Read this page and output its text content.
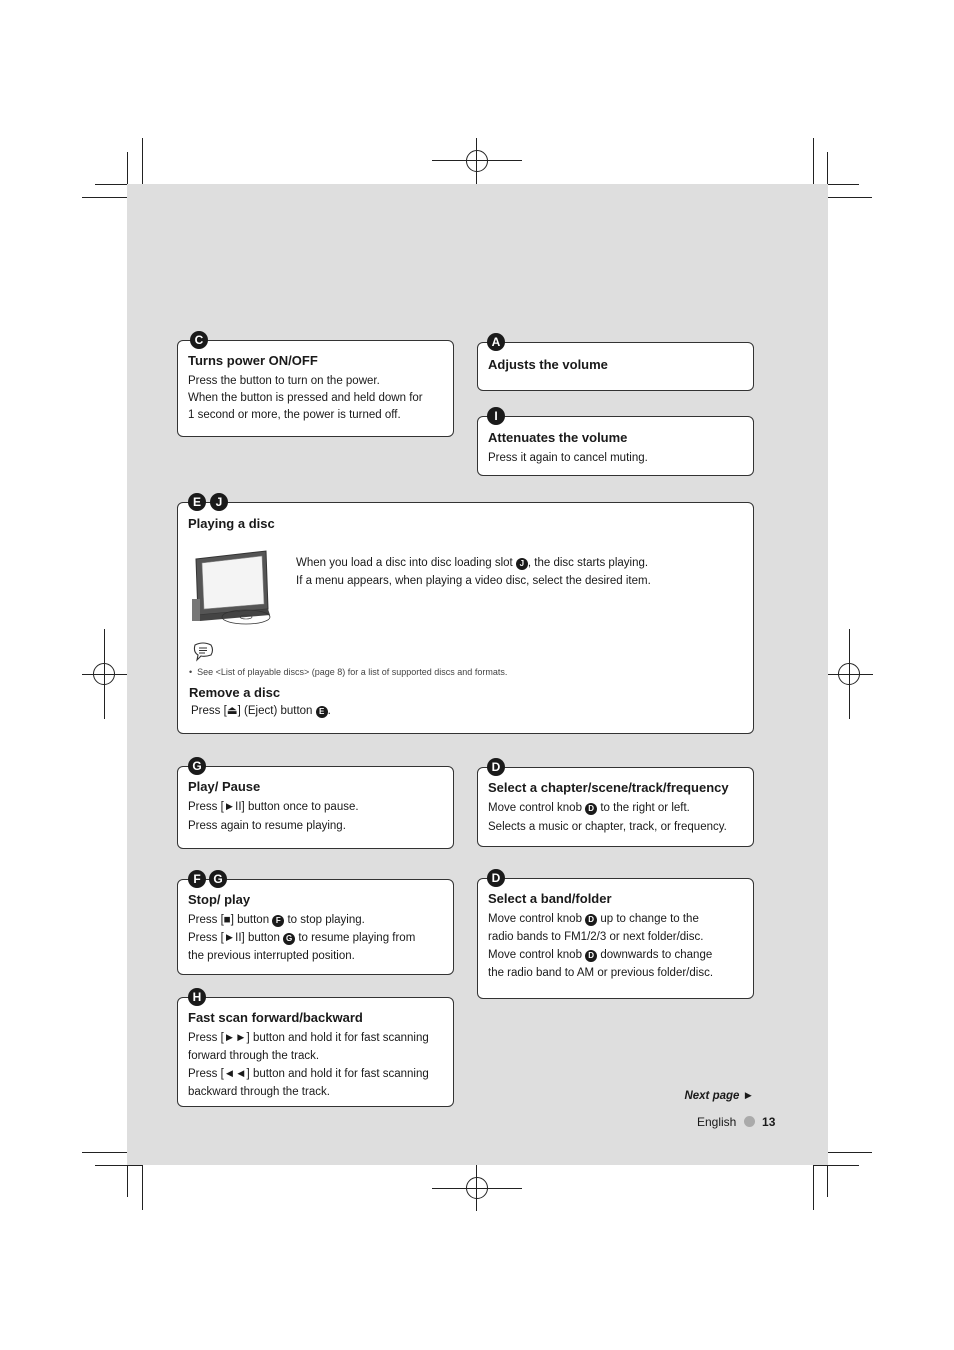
C
Turns power ON/OFF

Press the button to turn on the power.

When the button is pressed and held down for

1 second or more, the power is turned off.

A
Adjusts the volume
I
Attenuates the volume

Press it again to cancel muting.

E	J
Playing a disc

When you load a disc into disc loading slot J , the disc starts playing.

If a menu appears, when playing a video disc, select the desired item.

•  See <List of playable discs> (page 8) for a list of supported discs and formats.
Remove a disc

Press [⏏] (Eject) button E .

G
Play/ Pause

Press [►II] button once to pause.

Press again to resume playing.

D
Select a chapter/scene/track/frequency

Move control knob D to the right or left.

Selects a music or chapter, track, or frequency.

F	G
Stop/ play

Press [■] button F to stop playing.

Press [►II] button G to resume playing from

the previous interrupted position.

D
Select a band/folder

Move control knob D up to change to the

radio bands to FM1/2/3 or next folder/disc.

Move control knob D downwards to change

the radio band to AM or previous folder/disc.

H
Fast scan forward/backward

Press [►►] button and hold it for fast scanning

forward through the track.

Press [◄◄] button and hold it for fast scanning

backward through the track.	Next page ►
English 13
